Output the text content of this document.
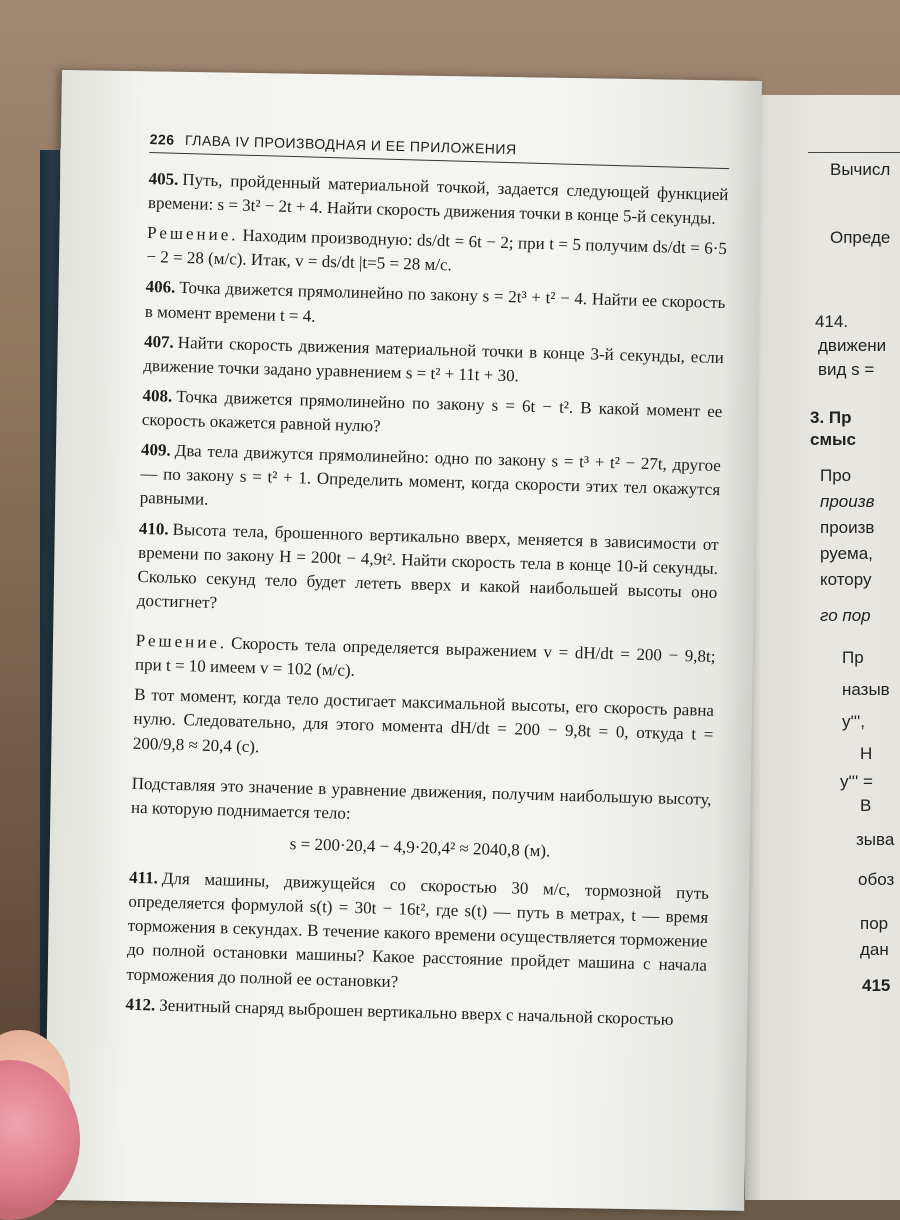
226 ГЛАВА IV ПРОИЗВОДНАЯ И ЕЕ ПРИЛОЖЕНИЯ

405. Путь, пройденный материальной точкой, задается следующей функцией времени: s = 3t² − 2t + 4. Найти скорость движения точки в конце 5-й секунды.

Решение. Находим производную: ds/dt = 6t − 2; при t = 5 получим ds/dt = 6·5 − 2 = 28 (м/с). Итак, v = ds/dt |t=5 = 28 м/с.

406. Точка движется прямолинейно по закону s = 2t³ + t² − 4. Найти ее скорость в момент времени t = 4.

407. Найти скорость движения материальной точки в конце 3-й секунды, если движение точки задано уравнением s = t² + 11t + 30.

408. Точка движется прямолинейно по закону s = 6t − t². В какой момент ее скорость окажется равной нулю?

409. Два тела движутся прямолинейно: одно по закону s = t³ + t² − 27t, другое — по закону s = t² + 1. Определить момент, когда скорости этих тел окажутся равными.

410. Высота тела, брошенного вертикально вверх, меняется в зависимости от времени по закону H = 200t − 4,9t². Найти скорость тела в конце 10-й секунды. Сколько секунд тело будет лететь вверх и какой наибольшей высоты оно достигнет?

Решение. Скорость тела определяется выражением v = dH/dt = 200 − 9,8t; при t = 10 имеем v = 102 (м/с).

В тот момент, когда тело достигает максимальной высоты, его скорость равна нулю. Следовательно, для этого момента dH/dt = 200 − 9,8t = 0, откуда t = 200/9,8 ≈ 20,4 (с).

Подставляя это значение в уравнение движения, получим наибольшую высоту, на которую поднимается тело:

s = 200·20,4 − 4,9·20,4² ≈ 2040,8 (м).

411. Для машины, движущейся со скоростью 30 м/с, тормозной путь определяется формулой s(t) = 30t − 16t², где s(t) — путь в метрах, t — время торможения в секундах. В течение какого времени осуществляется торможение до полной остановки машины? Какое расстояние пройдет машина с начала торможения до полной ее остановки?

412. Зенитный снаряд выброшен вертикально вверх с начальной скоростью

Вычисл
Опреде
414.
движени
вид s =
3. Пр
смыс
Про
произв
произв
руема,
котору
го пор
Пр
назыв
y''',
Н
y''' =
В
зыва
обоз
пор
дан
415
